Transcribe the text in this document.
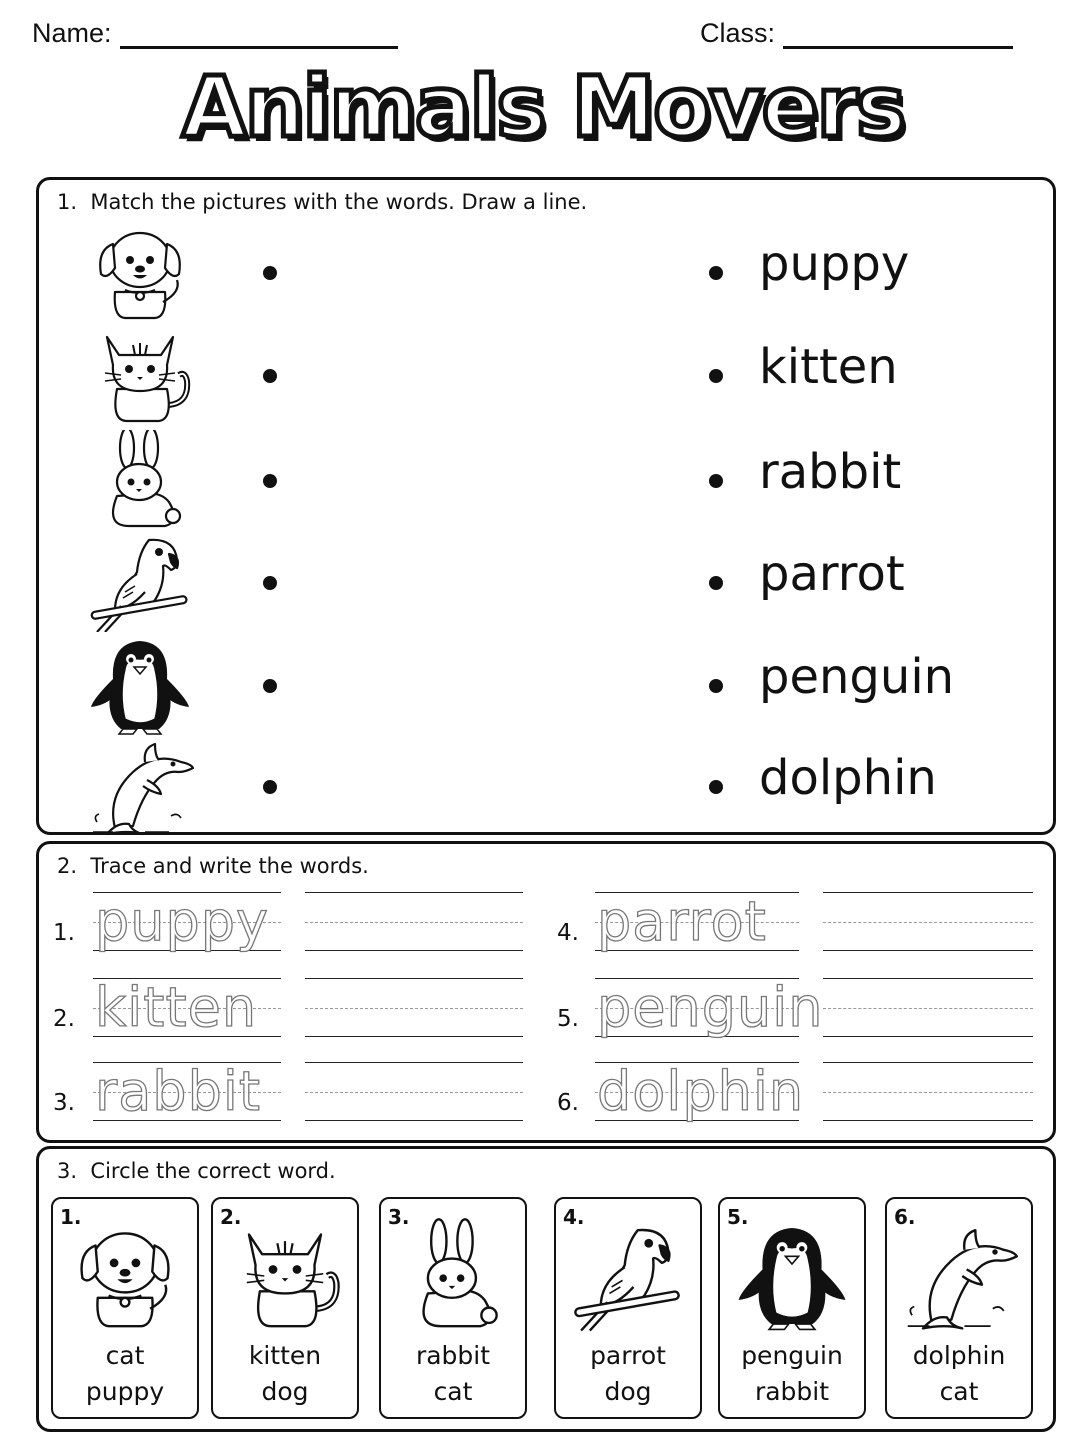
Name:	Class:
Animals Movers
1. Match the pictures with the words. Draw a line.
puppy
kitten
rabbit
parrot
penguin
dolphin
2. Trace and write the words.
1. puppy
2. kitten
3. rabbit
4. parrot
5. penguin
6. dolphin
3. Circle the correct word.
1.
cat
puppy
2.
kitten
dog
3.
rabbit
cat
4.
parrot
dog
5.
penguin
rabbit
6.
dolphin
cat
